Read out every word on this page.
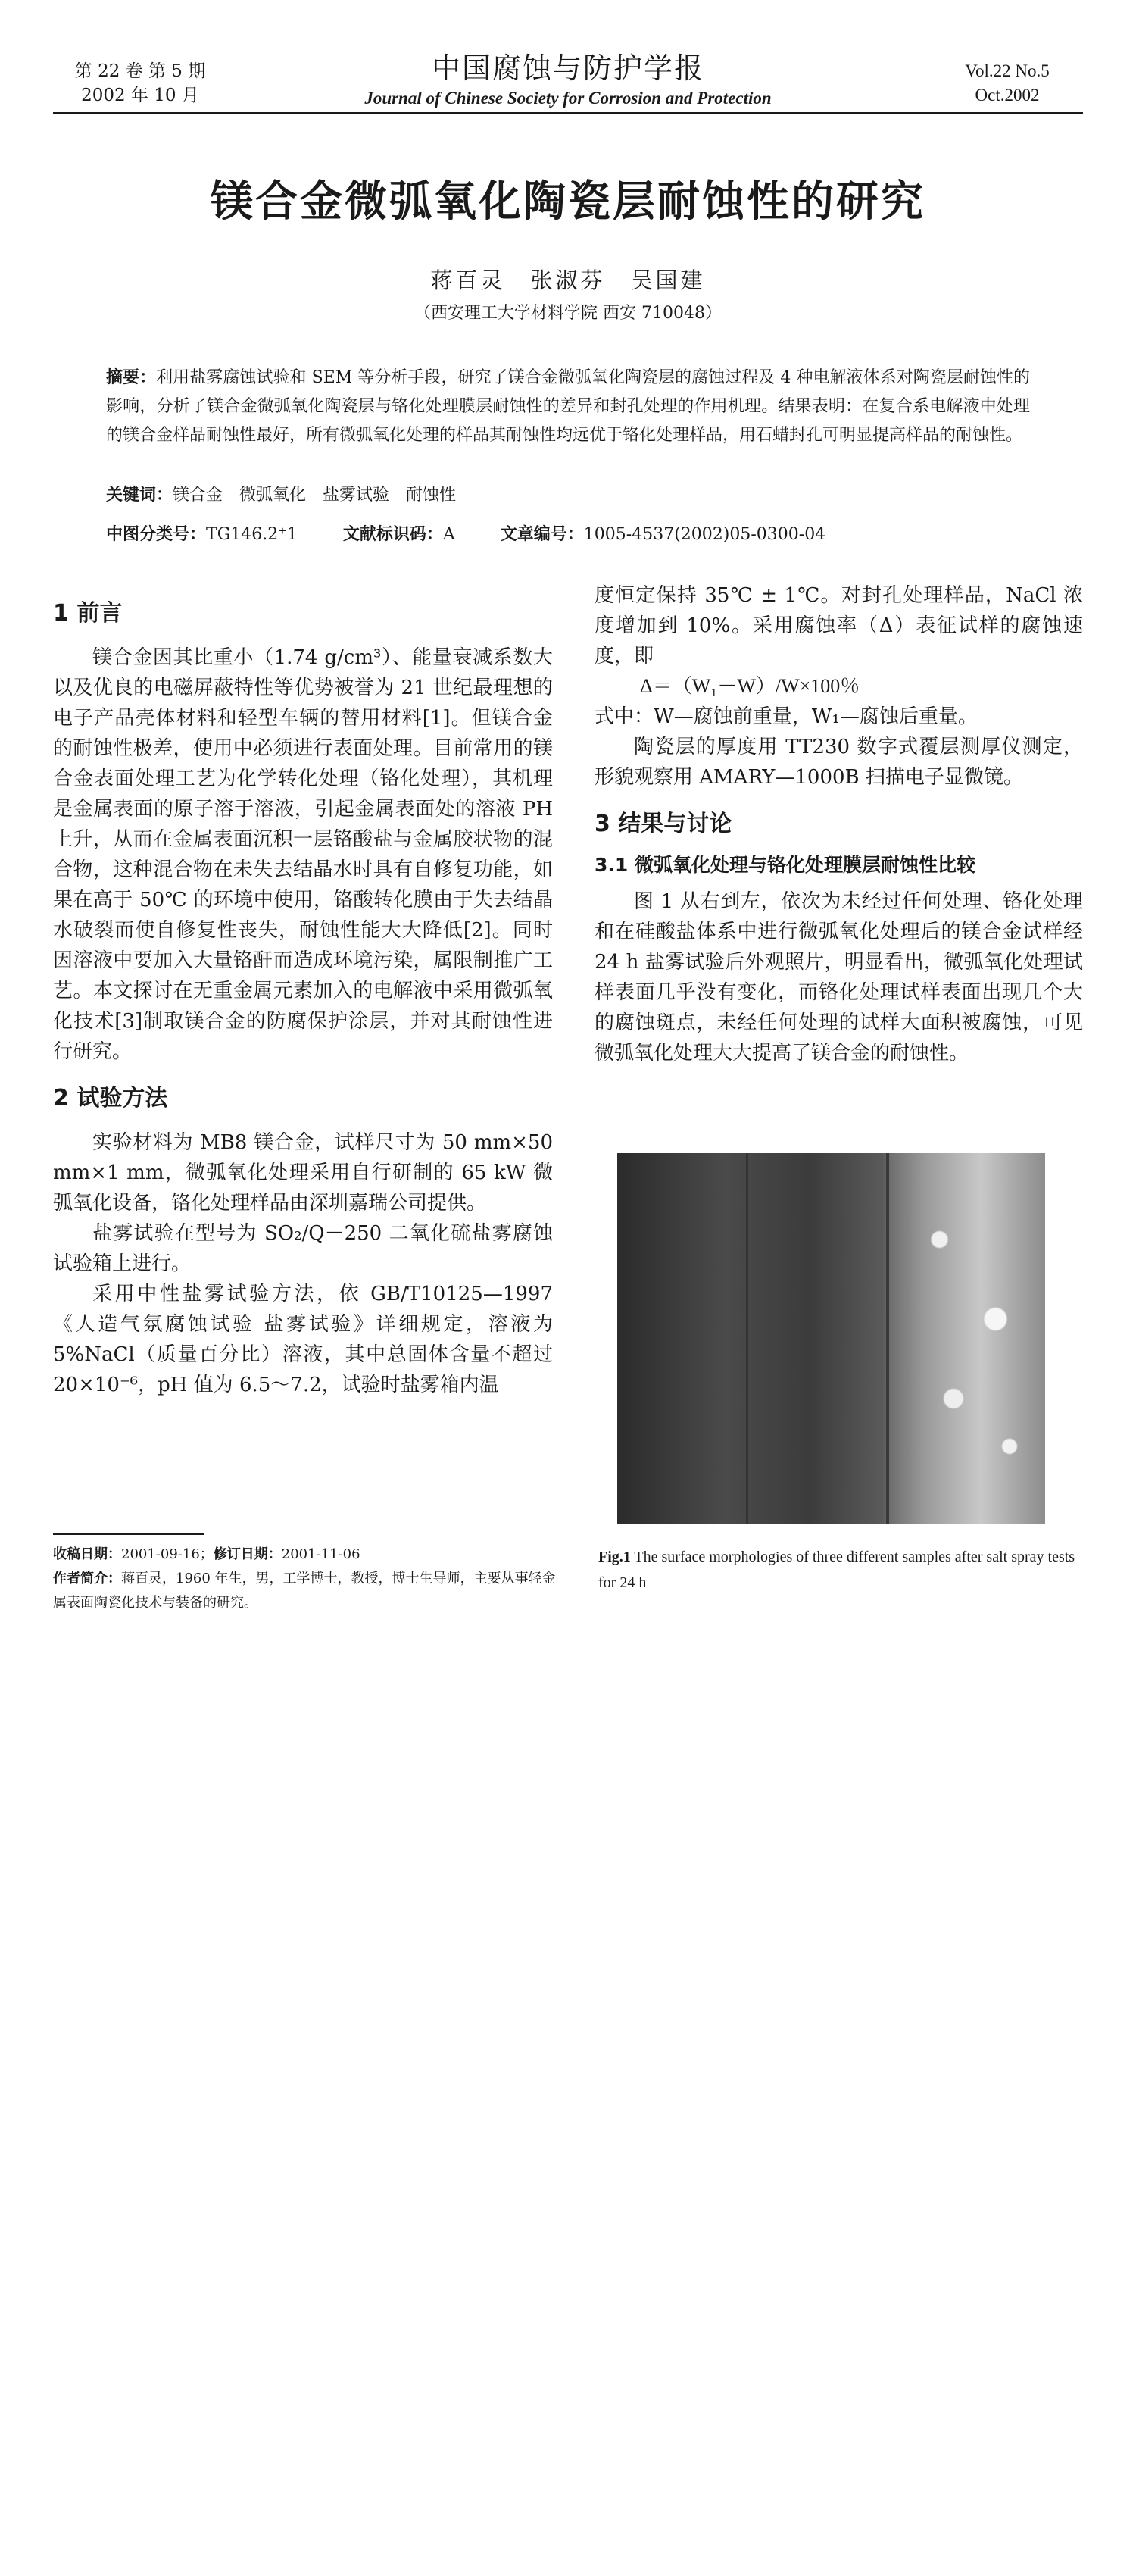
第 22 卷 第 5 期
2002 年 10 月
中国腐蚀与防护学报
Journal of Chinese Society for Corrosion and Protection
Vol.22 No.5
Oct.2002
镁合金微弧氧化陶瓷层耐蚀性的研究
蒋百灵　张淑芬　吴国建
（西安理工大学材料学院 西安 710048）
摘要：利用盐雾腐蚀试验和 SEM 等分析手段，研究了镁合金微弧氧化陶瓷层的腐蚀过程及 4 种电解液体系对陶瓷层耐蚀性的影响，分析了镁合金微弧氧化陶瓷层与铬化处理膜层耐蚀性的差异和封孔处理的作用机理。结果表明：在复合系电解液中处理的镁合金样品耐蚀性最好，所有微弧氧化处理的样品其耐蚀性均远优于铬化处理样品，用石蜡封孔可明显提高样品的耐蚀性。
关键词：镁合金　微弧氧化　盐雾试验　耐蚀性
中图分类号：TG146.2⁺1	文献标识码：A	文章编号：1005-4537(2002)05-0300-04
1 前言

镁合金因其比重小（1.74 g/cm³）、能量衰减系数大以及优良的电磁屏蔽特性等优势被誉为 21 世纪最理想的电子产品壳体材料和轻型车辆的替用材料[1]。但镁合金的耐蚀性极差，使用中必须进行表面处理。目前常用的镁合金表面处理工艺为化学转化处理（铬化处理），其机理是金属表面的原子溶于溶液，引起金属表面处的溶液 PH 上升，从而在金属表面沉积一层铬酸盐与金属胶状物的混合物，这种混合物在未失去结晶水时具有自修复功能，如果在高于 50℃ 的环境中使用，铬酸转化膜由于失去结晶水破裂而使自修复性丧失，耐蚀性能大大降低[2]。同时因溶液中要加入大量铬酐而造成环境污染，属限制推广工艺。本文探讨在无重金属元素加入的电解液中采用微弧氧化技术[3]制取镁合金的防腐保护涂层，并对其耐蚀性进行研究。

2 试验方法

实验材料为 MB8 镁合金，试样尺寸为 50 mm×50 mm×1 mm，微弧氧化处理采用自行研制的 65 kW 微弧氧化设备，铬化处理样品由深圳嘉瑞公司提供。

盐雾试验在型号为 SO₂/Q－250 二氧化硫盐雾腐蚀试验箱上进行。

采用中性盐雾试验方法，依 GB/T10125—1997《人造气氛腐蚀试验 盐雾试验》详细规定，溶液为 5%NaCl（质量百分比）溶液，其中总固体含量不超过 20×10⁻⁶，pH 值为 6.5～7.2，试验时盐雾箱内温

收稿日期：2001-09-16；修订日期：2001-11-06
作者简介：蒋百灵，1960 年生，男，工学博士，教授，博士生导师，主要从事轻金属表面陶瓷化技术与装备的研究。

度恒定保持 35℃ ± 1℃。对封孔处理样品，NaCl 浓度增加到 10%。采用腐蚀率（Δ）表征试样的腐蚀速度，即

Δ＝（W₁－W）/W×100％

式中：W—腐蚀前重量，W₁—腐蚀后重量。

陶瓷层的厚度用 TT230 数字式覆层测厚仪测定，形貌观察用 AMARY—1000B 扫描电子显微镜。

3 结果与讨论
3.1 微弧氧化处理与铬化处理膜层耐蚀性比较

图 1 从右到左，依次为未经过任何处理、铬化处理和在硅酸盐体系中进行微弧氧化处理后的镁合金试样经 24 h 盐雾试验后外观照片，明显看出，微弧氧化处理试样表面几乎没有变化，而铬化处理试样表面出现几个大的腐蚀斑点，未经任何处理的试样大面积被腐蚀，可见微弧氧化处理大大提高了镁合金的耐蚀性。

Fig.1 The surface morphologies of three different samples after salt spray tests for 24 h
